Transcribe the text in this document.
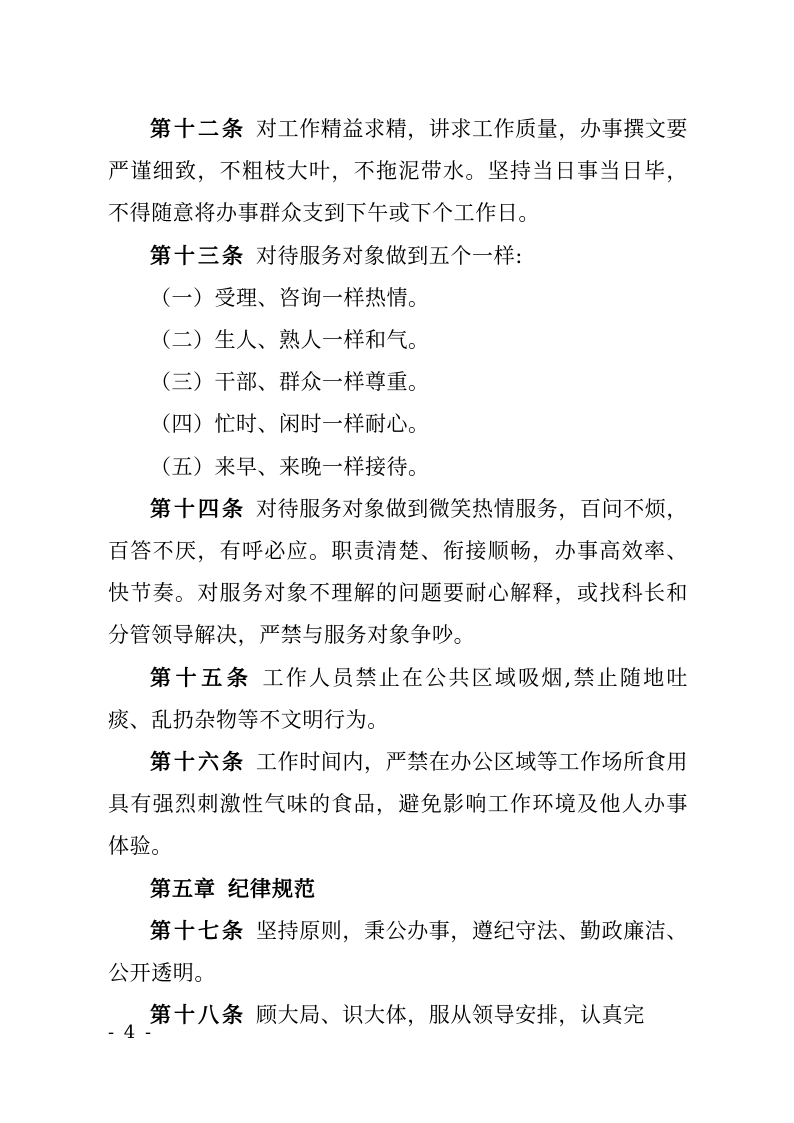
第十二条 对工作精益求精，讲求工作质量，办事撰文要严谨细致，不粗枝大叶，不拖泥带水。坚持当日事当日毕，不得随意将办事群众支到下午或下个工作日。

第十三条 对待服务对象做到五个一样:

（一）受理、咨询一样热情。

（二）生人、熟人一样和气。

（三）干部、群众一样尊重。

（四）忙时、闲时一样耐心。

（五）来早、来晚一样接待。

第十四条 对待服务对象做到微笑热情服务，百问不烦，百答不厌，有呼必应。职责清楚、衔接顺畅，办事高效率、快节奏。对服务对象不理解的问题要耐心解释，或找科长和分管领导解决，严禁与服务对象争吵。

第十五条 工作人员禁止在公共区域吸烟,禁止随地吐痰、乱扔杂物等不文明行为。

第十六条 工作时间内，严禁在办公区域等工作场所食用具有强烈刺激性气味的食品，避免影响工作环境及他人办事体验。

第五章 纪律规范

第十七条 坚持原则，秉公办事，遵纪守法、勤政廉洁、公开透明。

第十八条 顾大局、识大体，服从领导安排，认真完

- 4 -
